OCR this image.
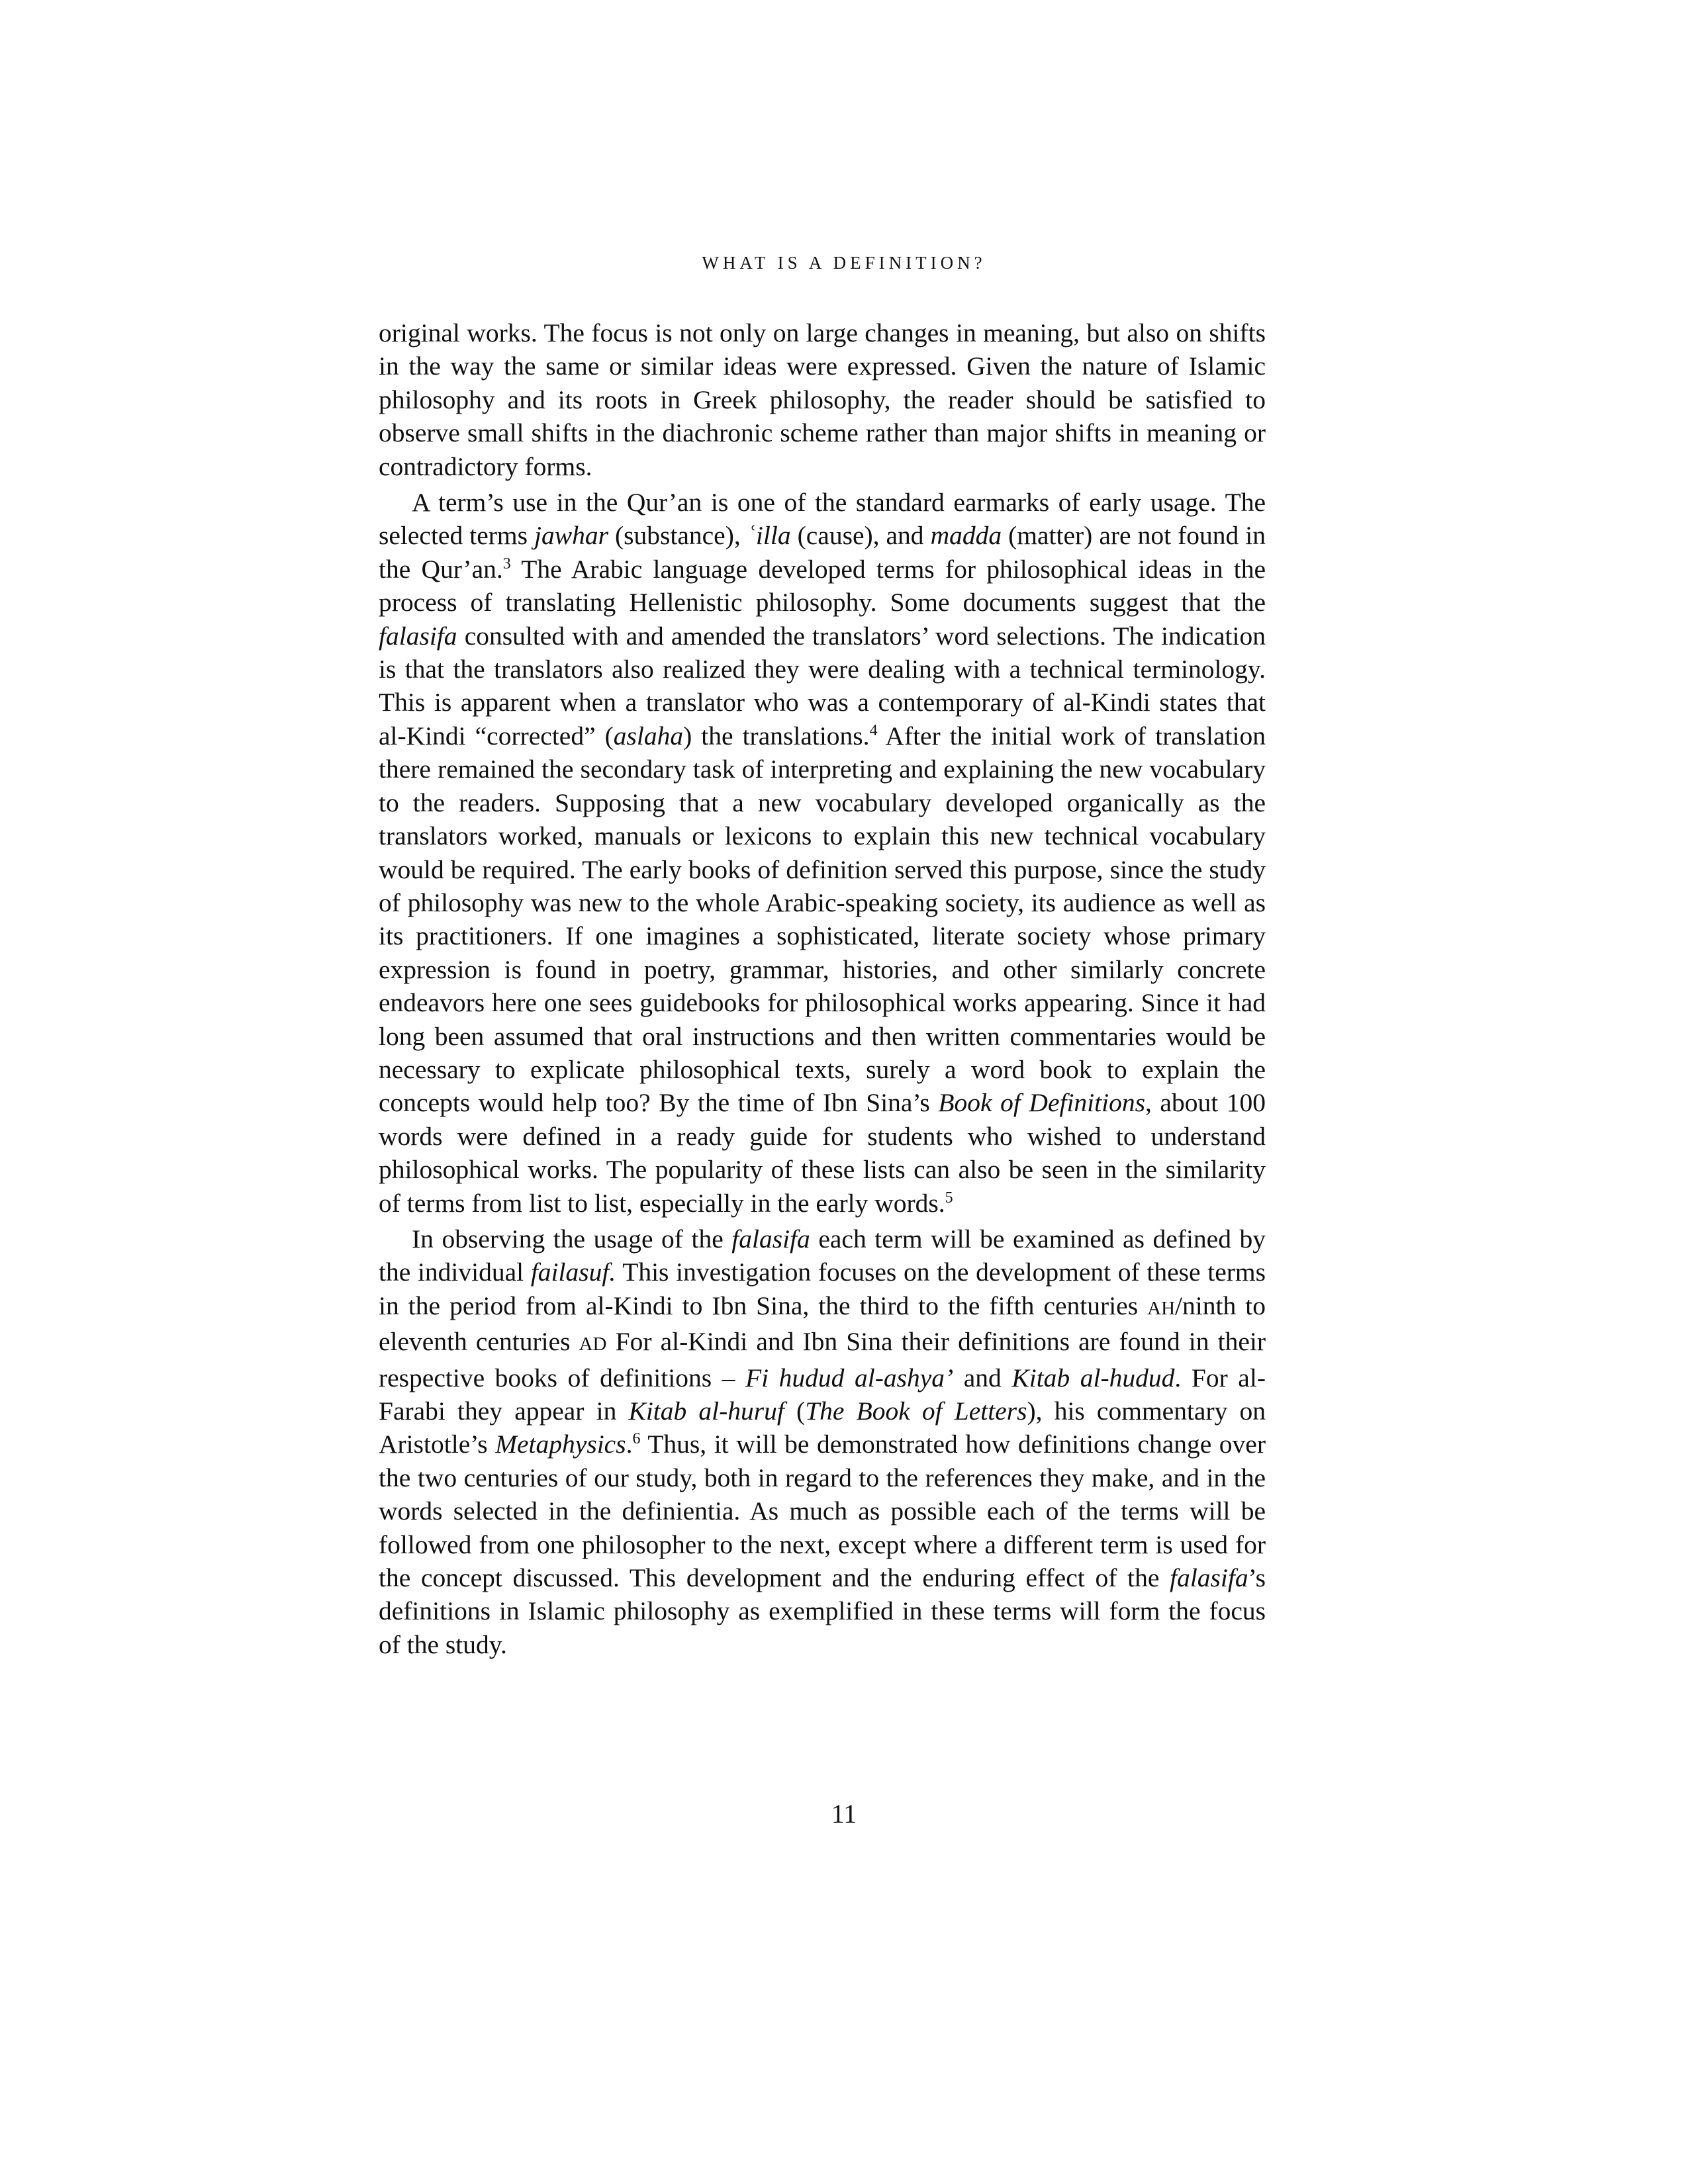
WHAT IS A DEFINITION?

original works. The focus is not only on large changes in meaning, but also on shifts in the way the same or similar ideas were expressed. Given the nature of Islamic philosophy and its roots in Greek philosophy, the reader should be satisfied to observe small shifts in the diachronic scheme rather than major shifts in meaning or contradictory forms.

A term’s use in the Qur’an is one of the standard earmarks of early usage. The selected terms jawhar (substance), ʿilla (cause), and madda (matter) are not found in the Qur’an.$^3$ The Arabic language developed terms for philosophical ideas in the process of translating Hellenistic philosophy. Some documents suggest that the falasifa consulted with and amended the translators’ word selections. The indication is that the translators also realized they were dealing with a technical terminology. This is apparent when a translator who was a contemporary of al-Kindi states that al-Kindi “corrected” (aslaha) the translations.$^4$ After the initial work of translation there remained the secondary task of interpreting and explaining the new vocabulary to the readers. Supposing that a new vocabulary developed organically as the translators worked, manuals or lexicons to explain this new technical vocabulary would be required. The early books of definition served this purpose, since the study of philosophy was new to the whole Arabic-speaking society, its audience as well as its practitioners. If one imagines a sophisticated, literate society whose primary expression is found in poetry, grammar, histories, and other similarly concrete endeavors here one sees guidebooks for philosophical works appearing. Since it had long been assumed that oral instructions and then written commentaries would be necessary to explicate philosophical texts, surely a word book to explain the concepts would help too? By the time of Ibn Sina’s Book of Definitions, about 100 words were defined in a ready guide for students who wished to understand philosophical works. The popularity of these lists can also be seen in the similarity of terms from list to list, especially in the early words.$^5$

In observing the usage of the falasifa each term will be examined as defined by the individual failasuf. This investigation focuses on the development of these terms in the period from al-Kindi to Ibn Sina, the third to the fifth centuries AH/ninth to eleventh centuries AD For al-Kindi and Ibn Sina their definitions are found in their respective books of definitions – Fi hudud al-ashya’ and Kitab al-hudud. For al-Farabi they appear in Kitab al-huruf (The Book of Letters), his commentary on Aristotle’s Metaphysics.$^6$ Thus, it will be demonstrated how definitions change over the two centuries of our study, both in regard to the references they make, and in the words selected in the definientia. As much as possible each of the terms will be followed from one philosopher to the next, except where a different term is used for the concept discussed. This development and the enduring effect of the falasifa’s definitions in Islamic philosophy as exemplified in these terms will form the focus of the study.

11
